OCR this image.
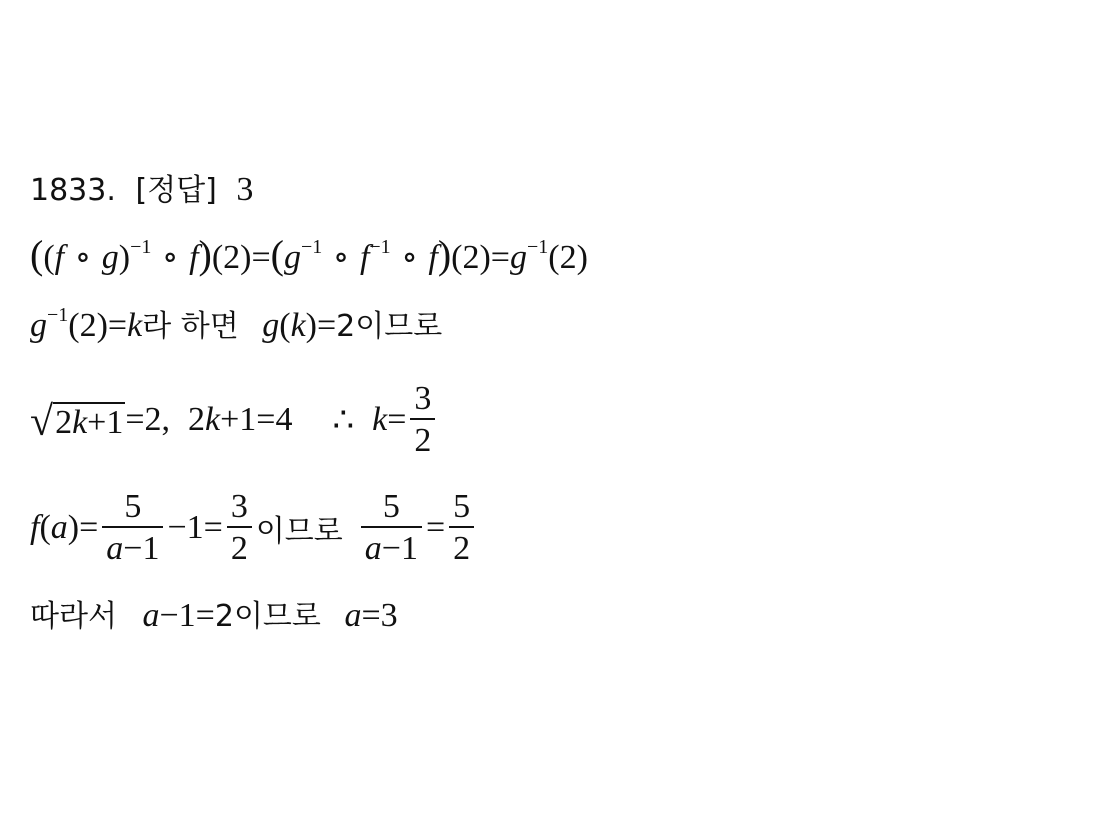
1833. [정답] 3
((f ∘ g)$^{-1}$ ∘ $f)(2)=(g^{-1}$ ∘ $f^{-1}$ ∘ $f)(2)=g^{-1}(2)$
$g^{-1}(2)=k$라 하면 g(k)=2이므로
√ 2k+1 =2, 2k+1=4 ∴ $k= \frac{3}{2}$
f ( a )= $\frac{5}{a-1} -1= \frac{3}{2}$ 이므로 $\frac{5}{a-1} = \frac{5}{2}$
따라서 a−1=2이므로 a=3
